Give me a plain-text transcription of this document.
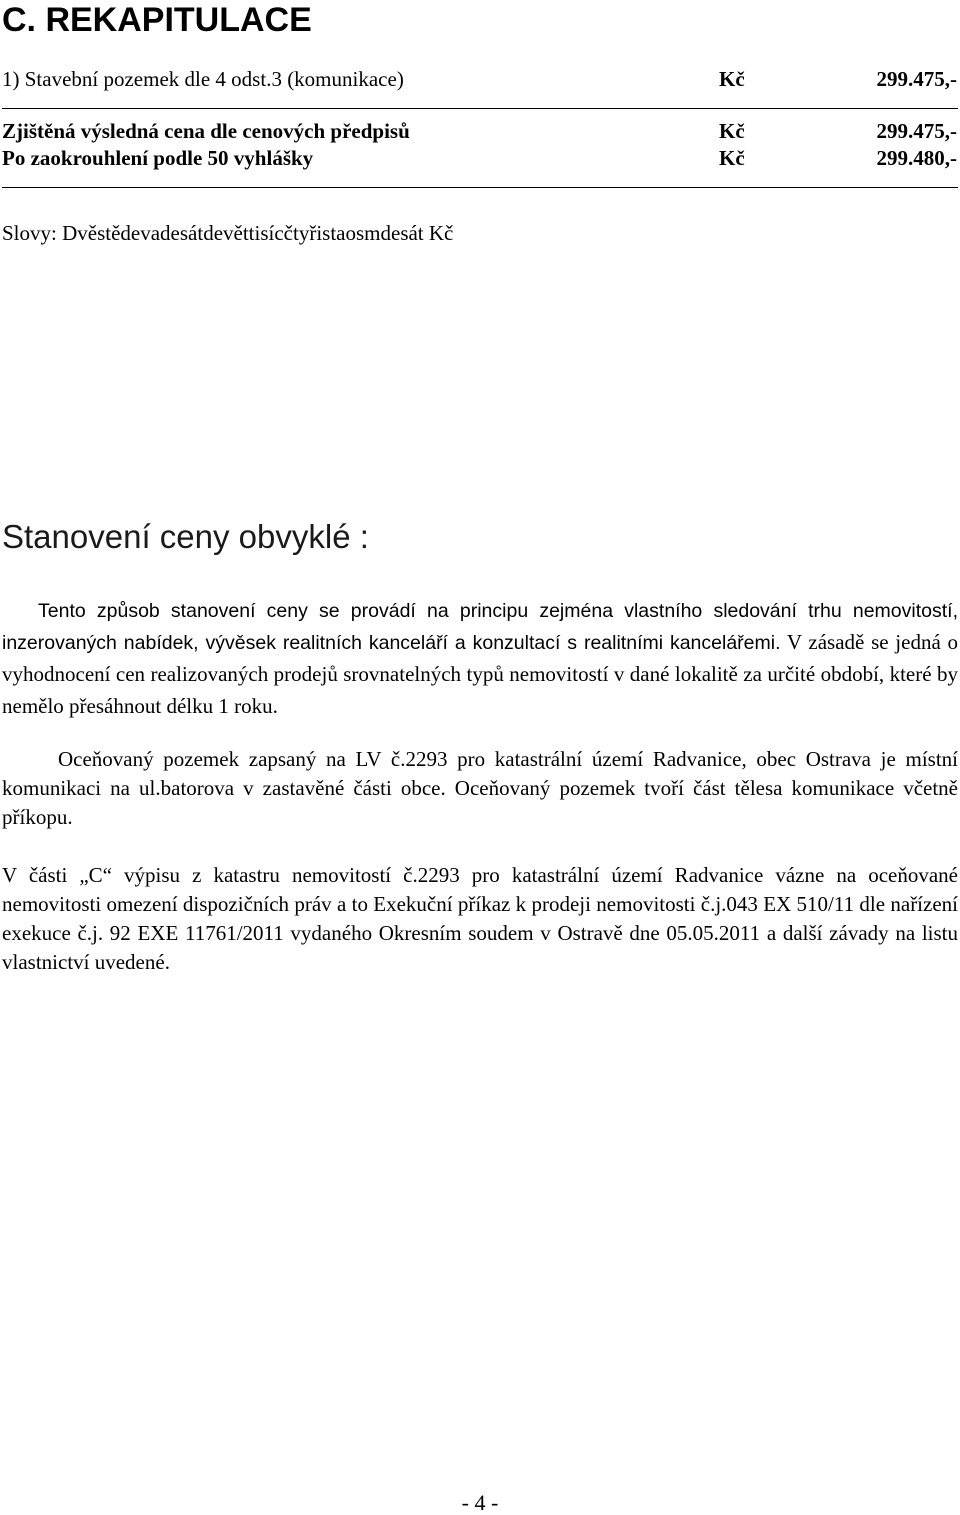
C. REKAPITULACE
1) Stavební pozemek dle 4 odst.3 (komunikace)	Kč	299.475,-
Zjištěná výsledná cena dle cenových předpisů	Kč	299.475,-
Po zaokrouhlení podle 50 vyhlášky	Kč	299.480,-
Slovy: Dvěstědevadesátdevěttisícčtyřistaosmdesát Kč
Stanovení ceny obvyklé :
Tento způsob stanovení ceny se provádí na principu zejména vlastního sledování trhu nemovitostí, inzerovaných nabídek, vývěsek realitních kanceláří a konzultací s realitními kancelářemi. V zásadě se jedná o vyhodnocení cen realizovaných prodejů srovnatelných typů nemovitostí v dané lokalitě za určité období, které by nemělo přesáhnout délku 1 roku.
Oceňovaný pozemek zapsaný na LV č.2293 pro katastrální území Radvanice, obec Ostrava je místní komunikaci na ul.batorova v zastavěné části obce. Oceňovaný pozemek tvoří část tělesa komunikace včetně příkopu.
V části „C“ výpisu z katastru nemovitostí č.2293 pro katastrální území Radvanice vázne na oceňované nemovitosti omezení dispozičních práv a to Exekuční příkaz k prodeji nemovitosti č.j.043 EX 510/11 dle nařízení exekuce č.j. 92 EXE 11761/2011 vydaného Okresním soudem v Ostravě dne 05.05.2011 a další závady na listu vlastnictví uvedené.
- 4 -
